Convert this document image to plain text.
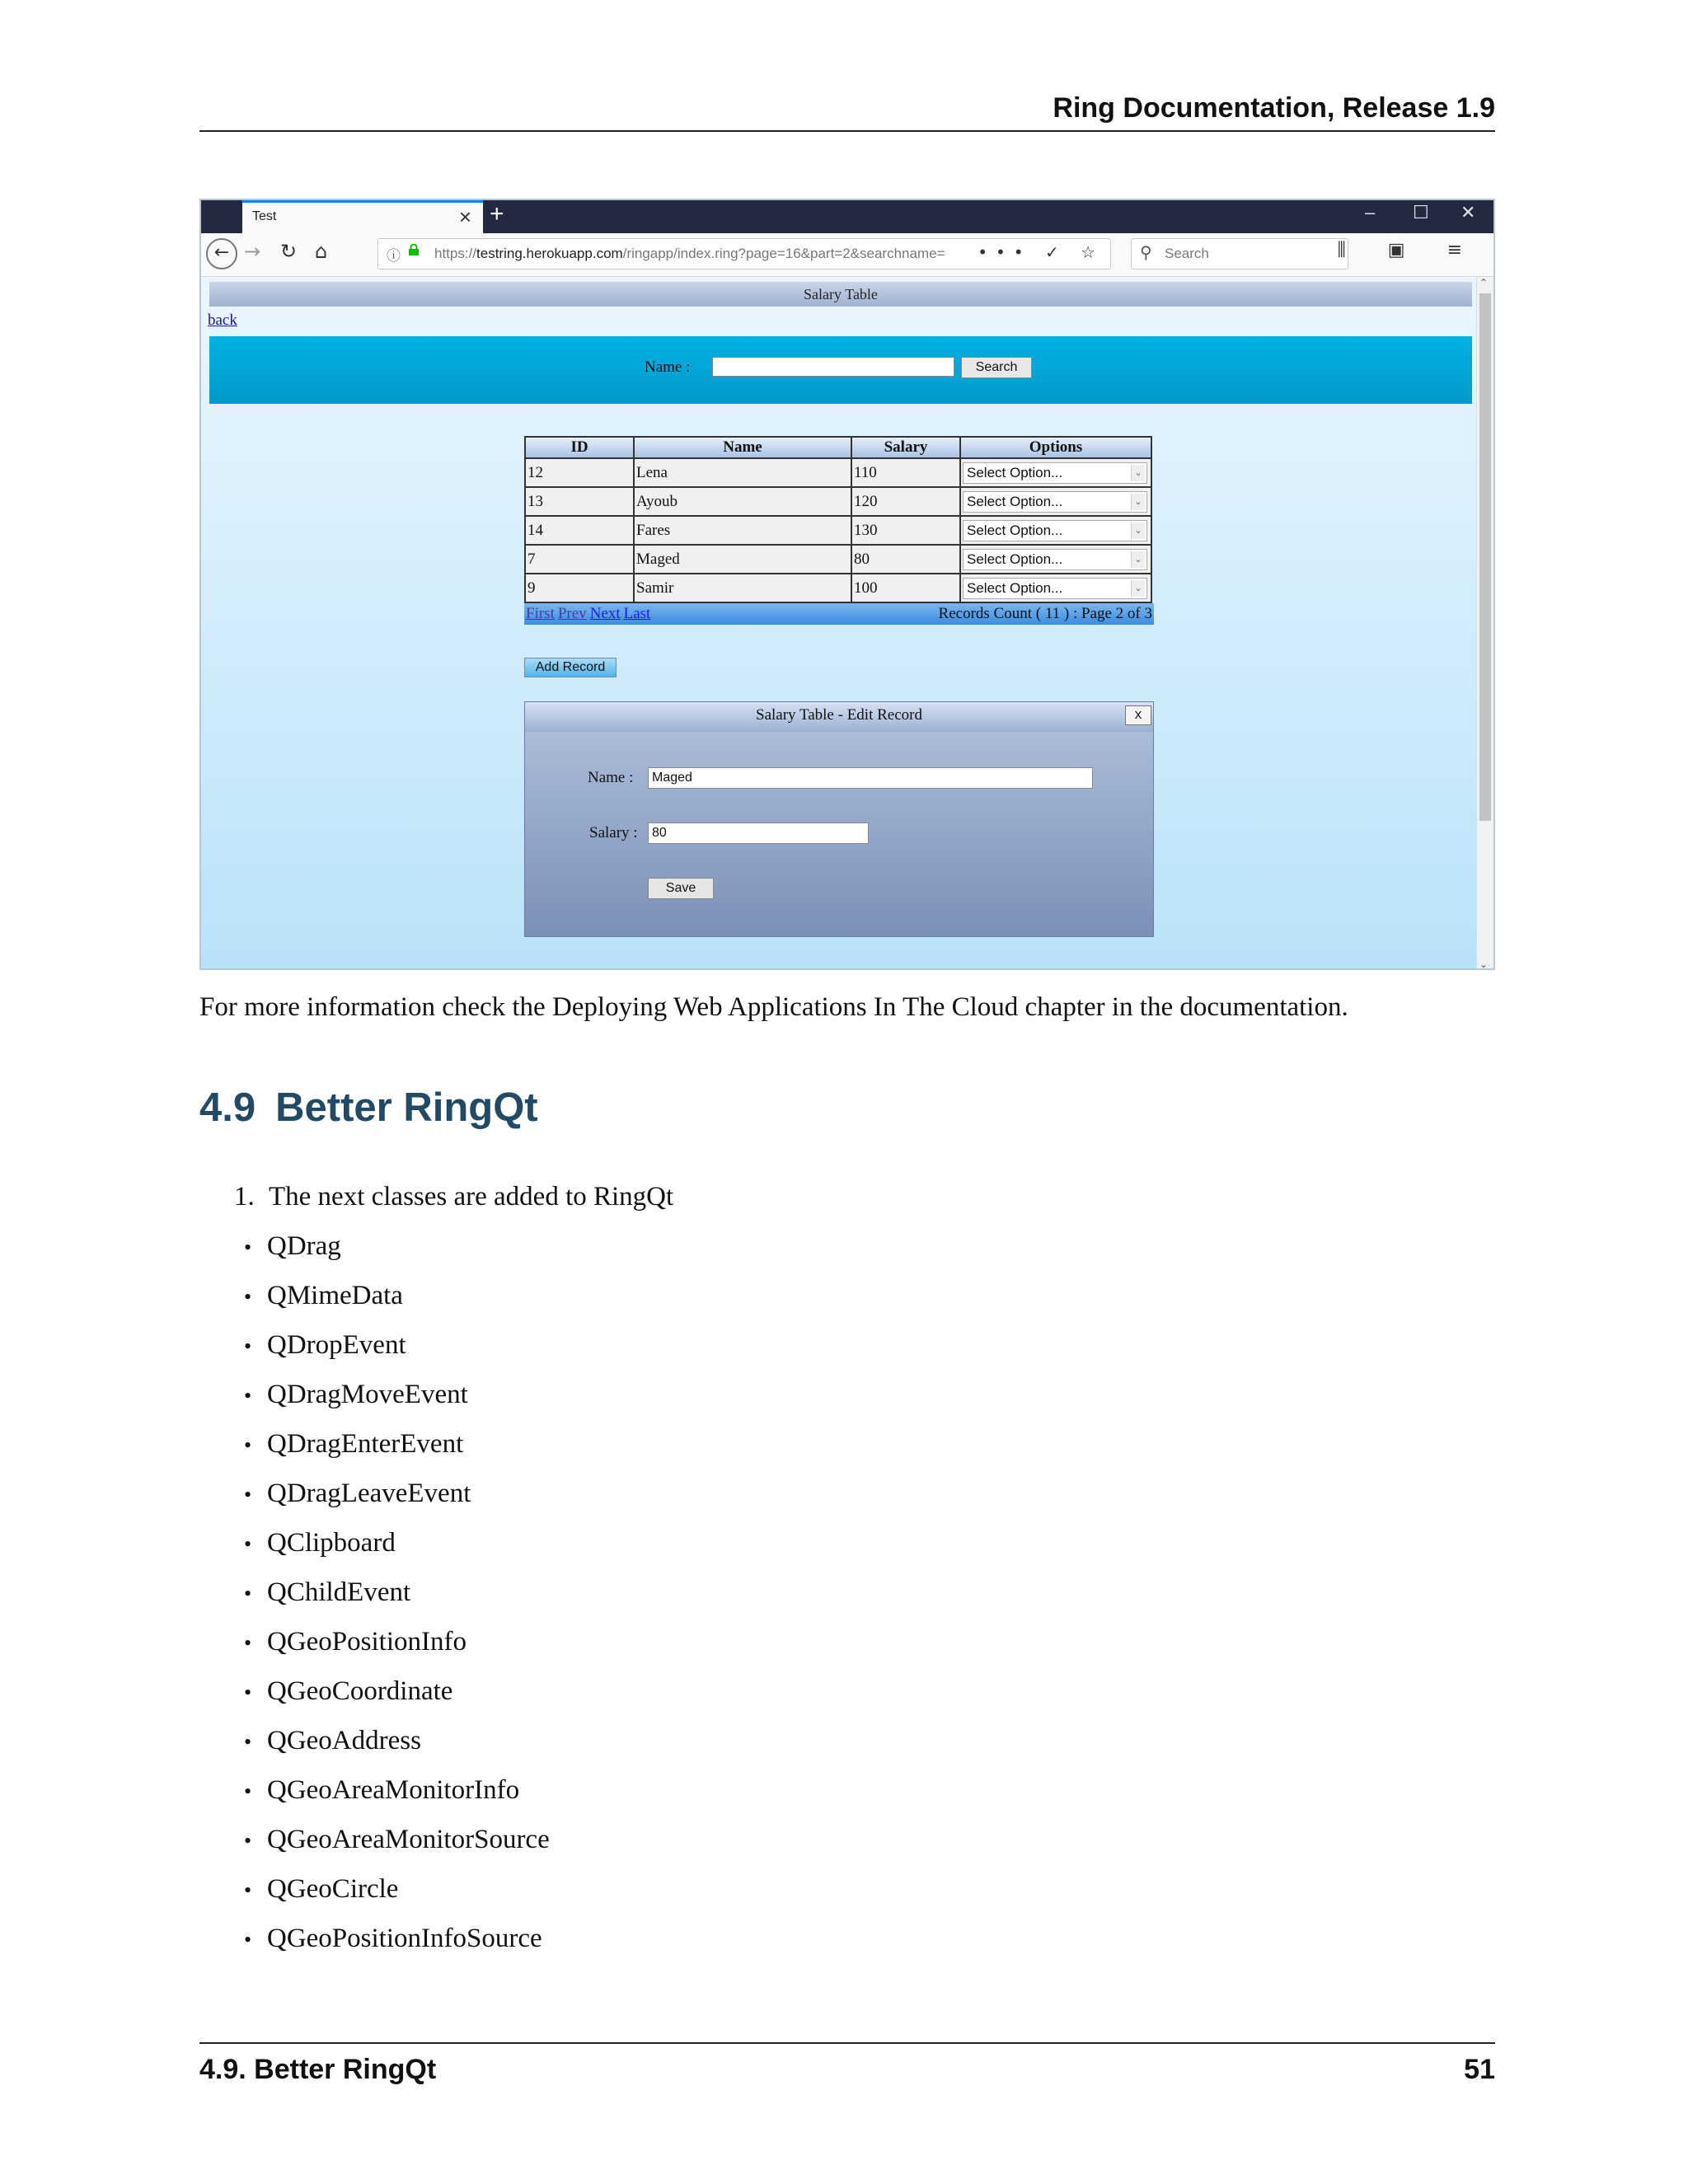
Ring Documentation, Release 1.9
Test	× +	– ☐ ✕
← → ↻ ⌂	ⓘ https://testring.herokuapp.com/ringapp/index.ring?page=16&part=2&searchname= ••• ✓ ☆ ⚲ Search	⫼ ▣ ≡
Salary Table
back
Name :	Search
ID	Name	Salary	Options
12	Lena	110	Select Option... ⌄

13	Ayoub	120	Select Option... ⌄

14	Fares	130	Select Option... ⌄

7	Maged	80	Select Option... ⌄

9	Samir	100	Select Option... ⌄
First Prev Next Last	Records Count ( 11 ) : Page 2 of 3
Add Record
Salary Table - Edit Record	x
Name :	Maged
Salary :	80
Save
⌃
⌄
For more information check the Deploying Web Applications In The Cloud chapter in the documentation.
4.9 Better RingQt
1. The next classes are added to RingQt
• QDrag
• QMimeData
• QDropEvent
• QDragMoveEvent
• QDragEnterEvent
• QDragLeaveEvent
• QClipboard
• QChildEvent
• QGeoPositionInfo
• QGeoCoordinate
• QGeoAddress
• QGeoAreaMonitorInfo
• QGeoAreaMonitorSource
• QGeoCircle
• QGeoPositionInfoSource
4.9. Better RingQt	51
